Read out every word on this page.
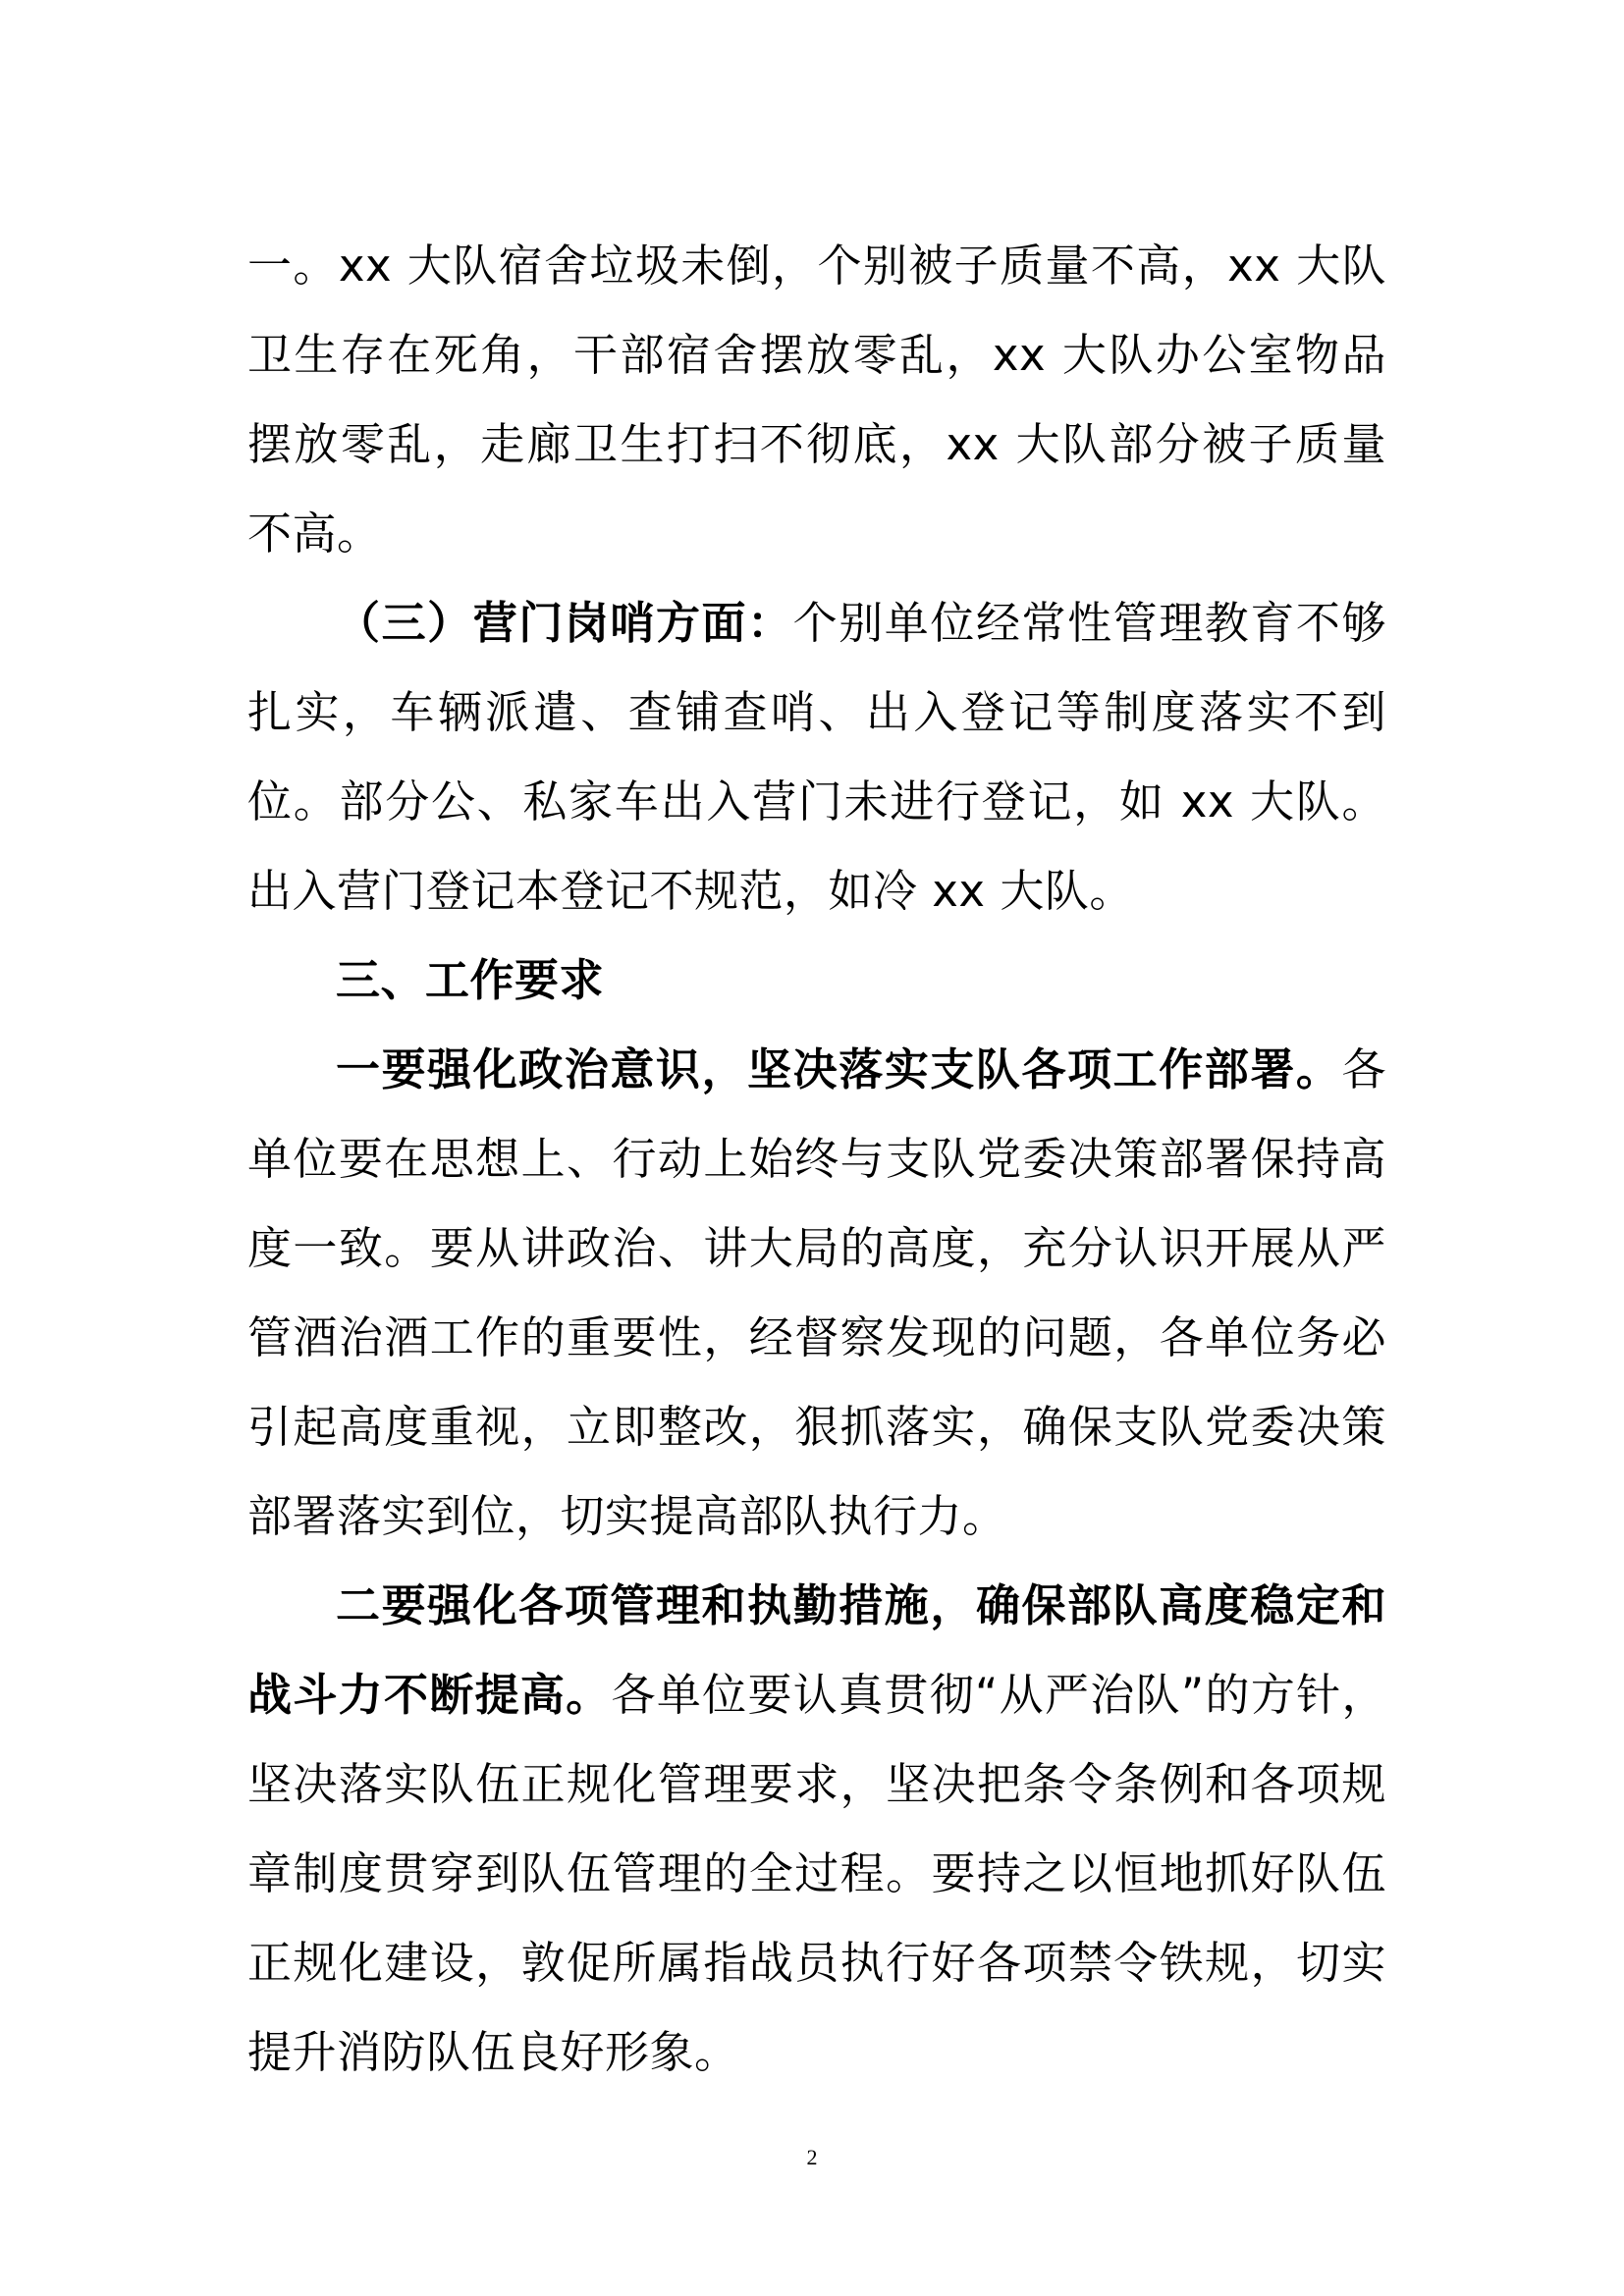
一。xx 大队宿舍垃圾未倒，个别被子质量不高，xx 大队卫生存在死角，干部宿舍摆放零乱，xx 大队办公室物品摆放零乱，走廊卫生打扫不彻底，xx 大队部分被子质量不高。

（三）营门岗哨方面：个别单位经常性管理教育不够扎实，车辆派遣、查铺查哨、出入登记等制度落实不到位。部分公、私家车出入营门未进行登记，如 xx 大队。出入营门登记本登记不规范，如冷 xx 大队。

三、工作要求

一要强化政治意识，坚决落实支队各项工作部署。各单位要在思想上、行动上始终与支队党委决策部署保持高度一致。要从讲政治、讲大局的高度，充分认识开展从严管酒治酒工作的重要性，经督察发现的问题，各单位务必引起高度重视，立即整改，狠抓落实，确保支队党委决策部署落实到位，切实提高部队执行力。

二要强化各项管理和执勤措施，确保部队高度稳定和战斗力不断提高。各单位要认真贯彻“从严治队”的方针，坚决落实队伍正规化管理要求，坚决把条令条例和各项规章制度贯穿到队伍管理的全过程。要持之以恒地抓好队伍正规化建设，敦促所属指战员执行好各项禁令铁规，切实提升消防队伍良好形象。

2
